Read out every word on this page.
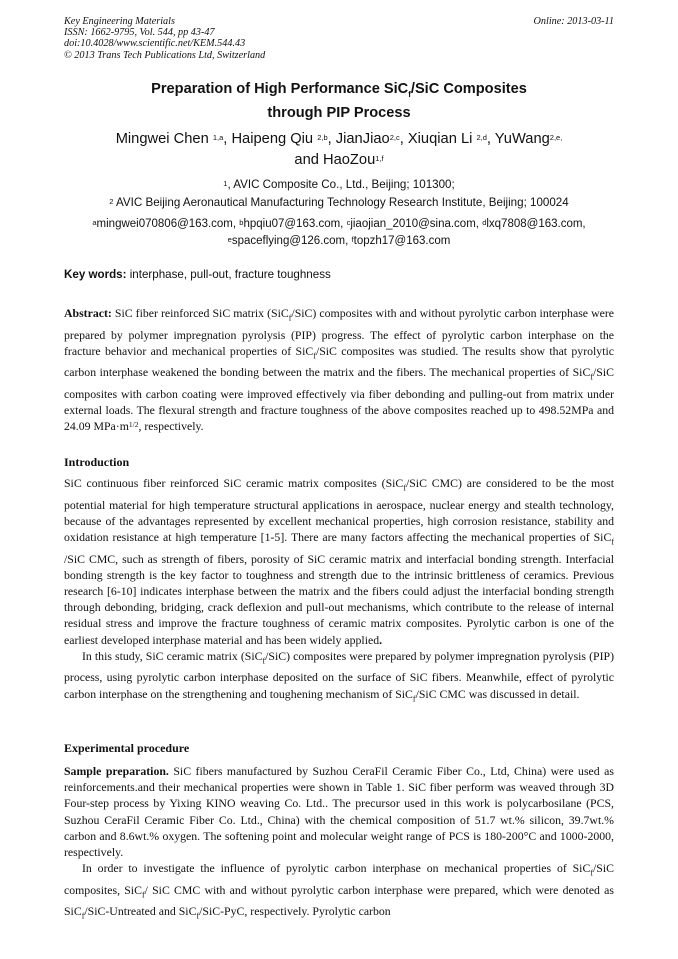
Key Engineering Materials
ISSN: 1662-9795, Vol. 544, pp 43-47
doi:10.4028/www.scientific.net/KEM.544.43
© 2013 Trans Tech Publications Ltd, Switzerland
Online: 2013-03-11
Preparation of High Performance SiC$_f$/SiC Composites
through PIP Process
Mingwei Chen $^{1,a}$, Haipeng Qiu $^{2,b}$, JianJiao$^{2,c}$, Xiuqian Li $^{2,d}$, YuWang$^{2,e,}$
and HaoZou$^{1,f}$
$^1$, AVIC Composite Co., Ltd., Beijing; 101300;
$^2$ AVIC Beijing Aeronautical Manufacturing Technology Research Institute, Beijing; 100024
$^a$mingwei070806@163.com, $^b$hpqiu07@163.com, $^c$jiaojian_2010@sina.com, $^d$lxq7808@163.com,
$^e$spaceflying@126.com, $^f$topzh17@163.com
Key words: interphase, pull-out, fracture toughness

Abstract: SiC fiber reinforced SiC matrix (SiC$_f$/SiC) composites with and without pyrolytic carbon interphase were prepared by polymer impregnation pyrolysis (PIP) progress. The effect of pyrolytic carbon interphase on the fracture behavior and mechanical properties of SiC$_f$/SiC composites was studied. The results show that pyrolytic carbon interphase weakened the bonding between the matrix and the fibers. The mechanical properties of SiC$_f$/SiC composites with carbon coating were improved effectively via fiber debonding and pulling-out from matrix under external loads. The flexural strength and fracture toughness of the above composites reached up to 498.52MPa and 24.09 $MPa\cdot m^{1/2}$, respectively.

Introduction

SiC continuous fiber reinforced SiC ceramic matrix composites (SiC$_f$/SiC CMC) are considered to be the most potential material for high temperature structural applications in aerospace, nuclear energy and stealth technology, because of the advantages represented by excellent mechanical properties, high corrosion resistance, stability and oxidation resistance at high temperature [1-5]. There are many factors affecting the mechanical properties of SiC$_f$ /SiC CMC, such as strength of fibers, porosity of SiC ceramic matrix and interfacial bonding strength. Interfacial bonding strength is the key factor to toughness and strength due to the intrinsic brittleness of ceramics. Previous research [6-10] indicates interphase between the matrix and the fibers could adjust the interfacial bonding strength through debonding, bridging, crack deflexion and pull-out mechanisms, which contribute to the release of internal residual stress and improve the fracture toughness of ceramic matrix composites. Pyrolytic carbon is one of the earliest developed interphase material and has been widely applied.

In this study, SiC ceramic matrix (SiC$_f$/SiC) composites were prepared by polymer impregnation pyrolysis (PIP) process, using pyrolytic carbon interphase deposited on the surface of SiC fibers. Meanwhile, effect of pyrolytic carbon interphase on the strengthening and toughening mechanism of SiC$_f$/SiC CMC was discussed in detail.

Experimental procedure

Sample preparation. SiC fibers manufactured by Suzhou CeraFil Ceramic Fiber Co., Ltd, China) were used as reinforcements.and their mechanical properties were shown in Table 1. SiC fiber perform was weaved through 3D Four-step process by Yixing KINO weaving Co. Ltd.. The precursor used in this work is polycarbosilane (PCS, Suzhou CeraFil Ceramic Fiber Co. Ltd., China) with the chemical composition of 51.7 wt.% silicon, 39.7wt.% carbon and 8.6wt.% oxygen. The softening point and molecular weight range of PCS is 180-200°C and 1000-2000, respectively.

In order to investigate the influence of pyrolytic carbon interphase on mechanical properties of SiC$_f$/SiC composites, SiC$_f$/ SiC CMC with and without pyrolytic carbon interphase were prepared, which were denoted as SiC$_f$/SiC-Untreated and SiC$_f$/SiC-PyC, respectively. Pyrolytic carbon
